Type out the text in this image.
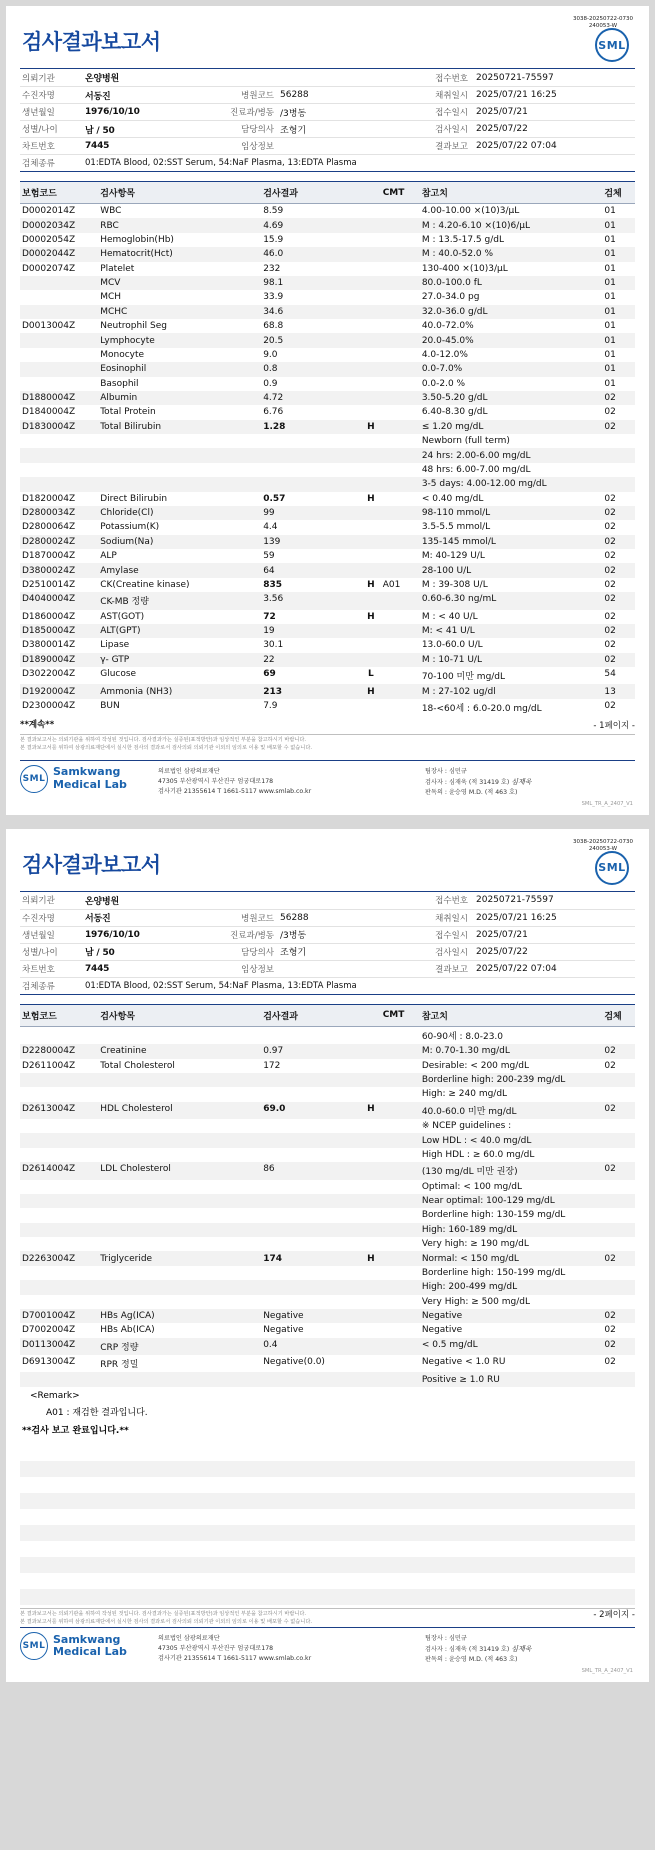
3038-20250722-0730
240053-W
검사결과보고서	SML
의뢰기관	온양병원	접수번호 20250721-75597
수진자명	서동진	병원코드 56288	채취일시 2025/07/21 16:25
생년월일	1976/10/10	진료과/병동 /3병동	접수일시 2025/07/21
성별/나이	남 / 50	담당의사 조형기	검사일시 2025/07/22
차트번호	7445	임상정보	결과보고 2025/07/22 07:04
검체종류	01:EDTA Blood, 02:SST Serum, 54:NaF Plasma, 13:EDTA Plasma
보험코드	검사항목	검사결과		CMT	참고치	검체
D0002014Z	WBC	8.59			4.00-10.00 ×(10)3/µL	01
D0002034Z	RBC	4.69			M : 4.20-6.10 ×(10)6/µL	01
D0002054Z	Hemoglobin(Hb)	15.9			M : 13.5-17.5 g/dL	01
D0002044Z	Hematocrit(Hct)	46.0			M : 40.0-52.0 %	01
D0002074Z	Platelet	232			130-400 ×(10)3/µL	01
	MCV	98.1			80.0-100.0 fL	01
	MCH	33.9			27.0-34.0 pg	01
	MCHC	34.6			32.0-36.0 g/dL	01
D0013004Z	Neutrophil Seg	68.8			40.0-72.0%	01
	Lymphocyte	20.5			20.0-45.0%	01
	Monocyte	9.0			4.0-12.0%	01
	Eosinophil	0.8			0.0-7.0%	01
	Basophil	0.9			0.0-2.0 %	01
D1880004Z	Albumin	4.72			3.50-5.20 g/dL	02
D1840004Z	Total Protein	6.76			6.40-8.30 g/dL	02
D1830004Z	Total Bilirubin	1.28	H		≤ 1.20 mg/dL	02
					Newborn (full term)	
					24 hrs: 2.00-6.00 mg/dL	
					48 hrs: 6.00-7.00 mg/dL	
					3-5 days: 4.00-12.00 mg/dL	
D1820004Z	Direct Bilirubin	0.57	H		< 0.40 mg/dL	02
D2800034Z	Chloride(Cl)	99			98-110 mmol/L	02
D2800064Z	Potassium(K)	4.4			3.5-5.5 mmol/L	02
D2800024Z	Sodium(Na)	139			135-145 mmol/L	02
D1870004Z	ALP	59			M: 40-129 U/L	02
D3800024Z	Amylase	64			28-100 U/L	02
D2510014Z	CK(Creatine kinase)	835	H	A01	M : 39-308 U/L	02
D4040004Z	CK-MB 정량	3.56			0.60-6.30 ng/mL	02
D1860004Z	AST(GOT)	72	H		M : < 40 U/L	02
D1850004Z	ALT(GPT)	19			M: < 41 U/L	02
D3800014Z	Lipase	30.1			13.0-60.0 U/L	02
D1890004Z	γ- GTP	22			M : 10-71 U/L	02
D3022004Z	Glucose	69	L		70-100 미만 mg/dL	54
D1920004Z	Ammonia (NH3)	213	H		M : 27-102 ug/dl	13
D2300004Z	BUN	7.9			18-<60세 : 6.0-20.0 mg/dL	02
**계속**	- 1페이지 -
본 결과보고서는 의뢰기관을 위하여 작성된 것입니다. 검사결과가는 실증된(표적방안)과 임상적인 부분을 참고하시기 바랍니다.
본 결과보고서를 위하여 삼광의료재단에서 실시한 검사의 결과로서 검사의뢰 의뢰기관 이외의 임의로 이용 및 배포할 수 없습니다.
SML
Samkwang
Medical Lab
의료법인 삼광의료재단
47305 부산광역시 부산진구 엄궁대로178
검사기관 21355614 T 1661-5117 www.smlab.co.kr
팀장사 : 심민규
검사자 : 심재욱 (적 31419 호) 심재욱
판독의 : 윤승영 M.D. (적 463 호)
SML_TR_A_2407_V1
3038-20250722-0730
240053-W
검사결과보고서	SML
의뢰기관	온양병원	접수번호 20250721-75597
수진자명	서동진	병원코드 56288	채취일시 2025/07/21 16:25
생년월일	1976/10/10	진료과/병동 /3병동	접수일시 2025/07/21
성별/나이	남 / 50	담당의사 조형기	검사일시 2025/07/22
차트번호	7445	임상정보	결과보고 2025/07/22 07:04
검체종류	01:EDTA Blood, 02:SST Serum, 54:NaF Plasma, 13:EDTA Plasma
보험코드	검사항목	검사결과		CMT	참고치	검체
					60-90세 : 8.0-23.0	
D2280004Z	Creatinine	0.97			M: 0.70-1.30 mg/dL	02
D2611004Z	Total Cholesterol	172			Desirable: < 200 mg/dL	02
					Borderline high: 200-239 mg/dL	
					High: ≥ 240 mg/dL	
D2613004Z	HDL Cholesterol	69.0	H		40.0-60.0 미만 mg/dL	02
					※ NCEP guidelines :	
					Low HDL : < 40.0 mg/dL	
					High HDL : ≥ 60.0 mg/dL	
D2614004Z	LDL Cholesterol	86			(130 mg/dL 미만 권장)	02
					Optimal: < 100 mg/dL	
					Near optimal: 100-129 mg/dL	
					Borderline high: 130-159 mg/dL	
					High: 160-189 mg/dL	
					Very high: ≥ 190 mg/dL	
D2263004Z	Triglyceride	174	H		Normal: < 150 mg/dL	02
					Borderline high: 150-199 mg/dL	
					High: 200-499 mg/dL	
					Very High: ≥ 500 mg/dL	
D7001004Z	HBs Ag(ICA)	Negative			Negative	02
D7002004Z	HBs Ab(ICA)	Negative			Negative	02
D0113004Z	CRP 정량	0.4			< 0.5 mg/dL	02
D6913004Z	RPR 정밀	Negative(0.0)			Negative < 1.0 RU	02
					Positive ≥ 1.0 RU	
<Remark>
A01 : 재검한 결과입니다.
**검사 보고 완료입니다.**

본 결과보고서는 의뢰기관을 위하여 작성된 것입니다. 검사결과가는 실증된(표적방안)과 임상적인 부분을 참고하시기 바랍니다.
본 결과보고서를 위하여 삼광의료재단에서 실시한 검사의 결과로서 검사의뢰 의뢰기관 이외의 임의로 이용 및 배포할 수 없습니다.
- 2페이지 -
SML
Samkwang
Medical Lab
의료법인 삼광의료재단
47305 부산광역시 부산진구 엄궁대로178
검사기관 21355614 T 1661-5117 www.smlab.co.kr
팀장사 : 심민규
검사자 : 심재욱 (적 31419 호) 심재욱
판독의 : 윤승영 M.D. (적 463 호)
SML_TR_A_2407_V1
